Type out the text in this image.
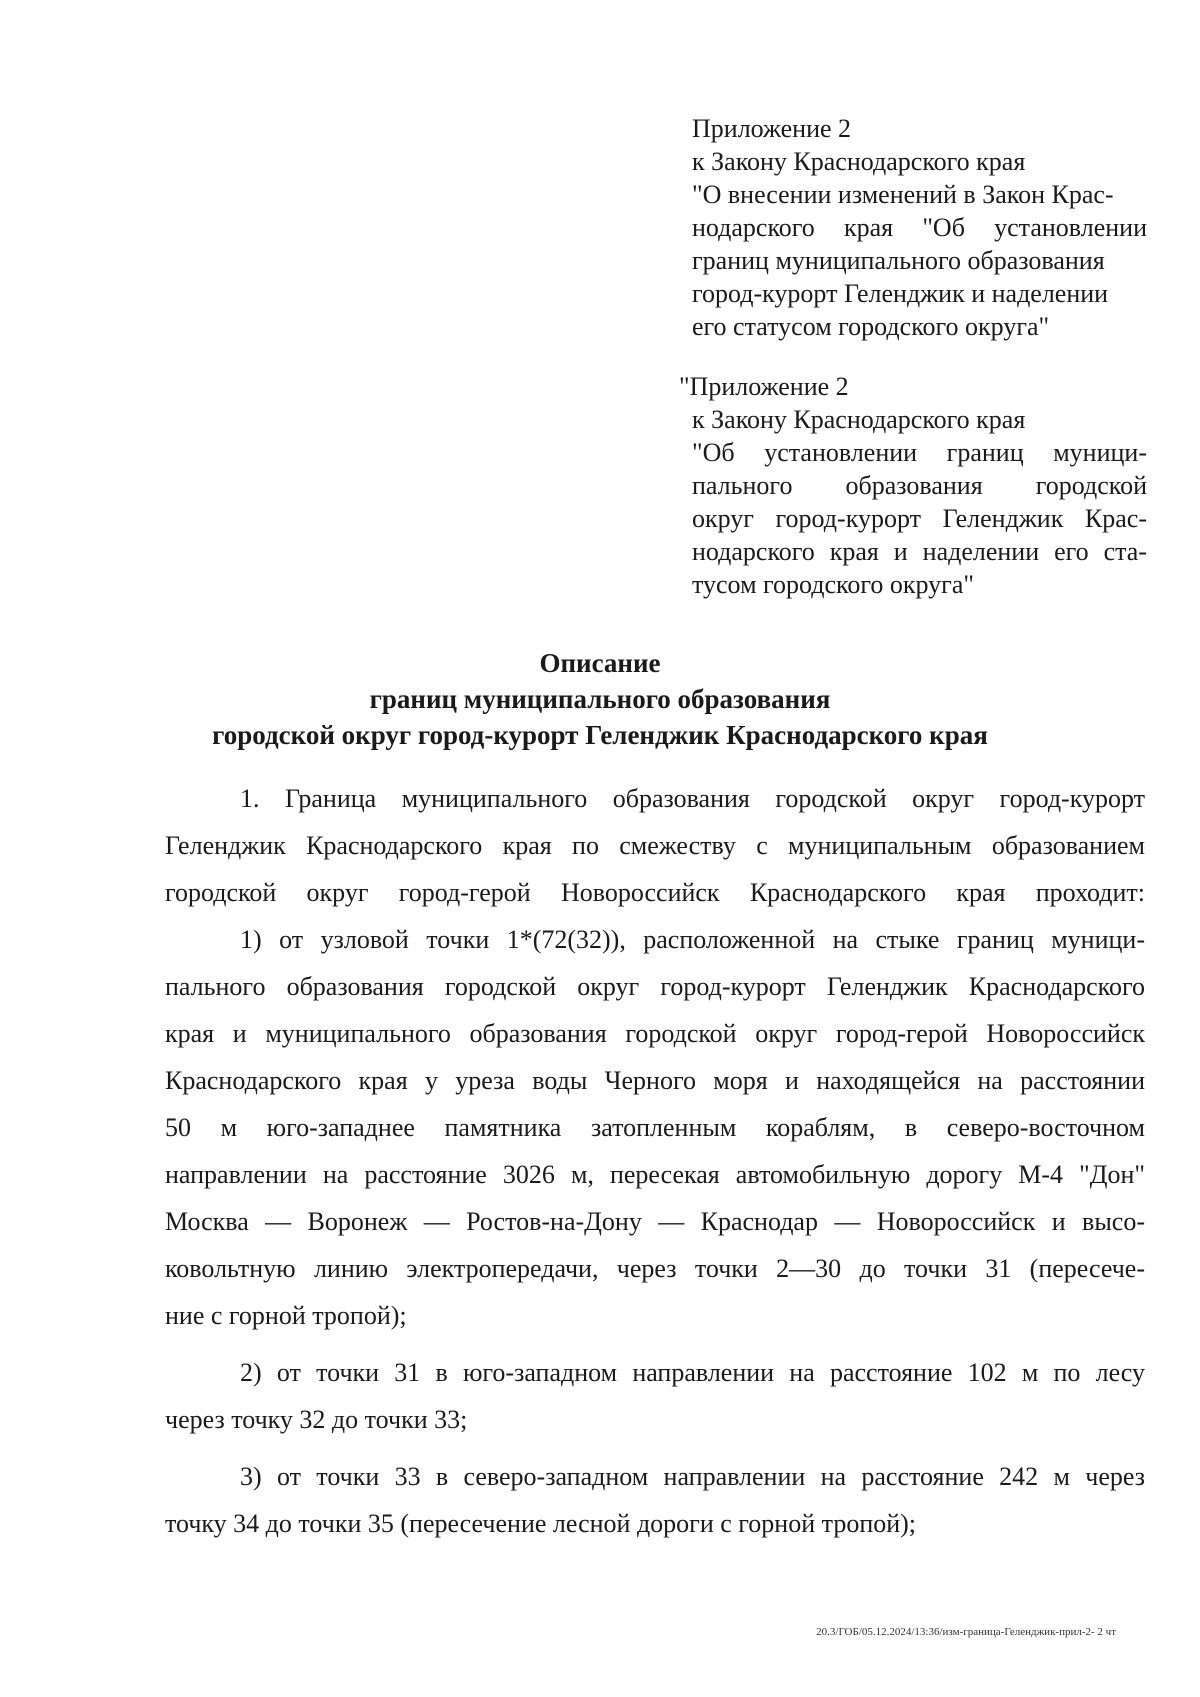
Приложение 2
к Закону Краснодарского края
"О внесении изменений в Закон Крас-
нодарского края "Об установлении
границ муниципального образования
город-курорт Геленджик и наделении
его статусом городского округа"
"Приложение 2
к Закону Краснодарского края
"Об установлении границ муници-
пального образования городской
округ город-курорт Геленджик Крас-
нодарского края и наделении его ста-
тусом городского округа"
Описание
границ муниципального образования
городской округ город-курорт Геленджик Краснодарского края
1. Граница муниципального образования городской округ город-курорт
Геленджик Краснодарского края по смежеству с муниципальным образованием
городской округ город-герой Новороссийск Краснодарского края проходит:
1) от узловой точки 1*(72(32)), расположенной на стыке границ муници-
пального образования городской округ город-курорт Геленджик Краснодарского
края и муниципального образования городской округ город-герой Новороссийск
Краснодарского края у уреза воды Черного моря и находящейся на расстоянии
50 м юго-западнее памятника затопленным кораблям, в северо-восточном
направлении на расстояние 3026 м, пересекая автомобильную дорогу М-4 "Дон"
Москва — Воронеж — Ростов-на-Дону — Краснодар — Новороссийск и высо-
ковольтную линию электропередачи, через точки 2—30 до точки 31 (пересече-
ние с горной тропой);
2) от точки 31 в юго-западном направлении на расстояние 102 м по лесу
через точку 32 до точки 33;
3) от точки 33 в северо-западном направлении на расстояние 242 м через
точку 34 до точки 35 (пересечение лесной дороги с горной тропой);
20.3/ГОБ/05.12.2024/13:36/изм-граница-Геленджик-прил-2- 2 чт
